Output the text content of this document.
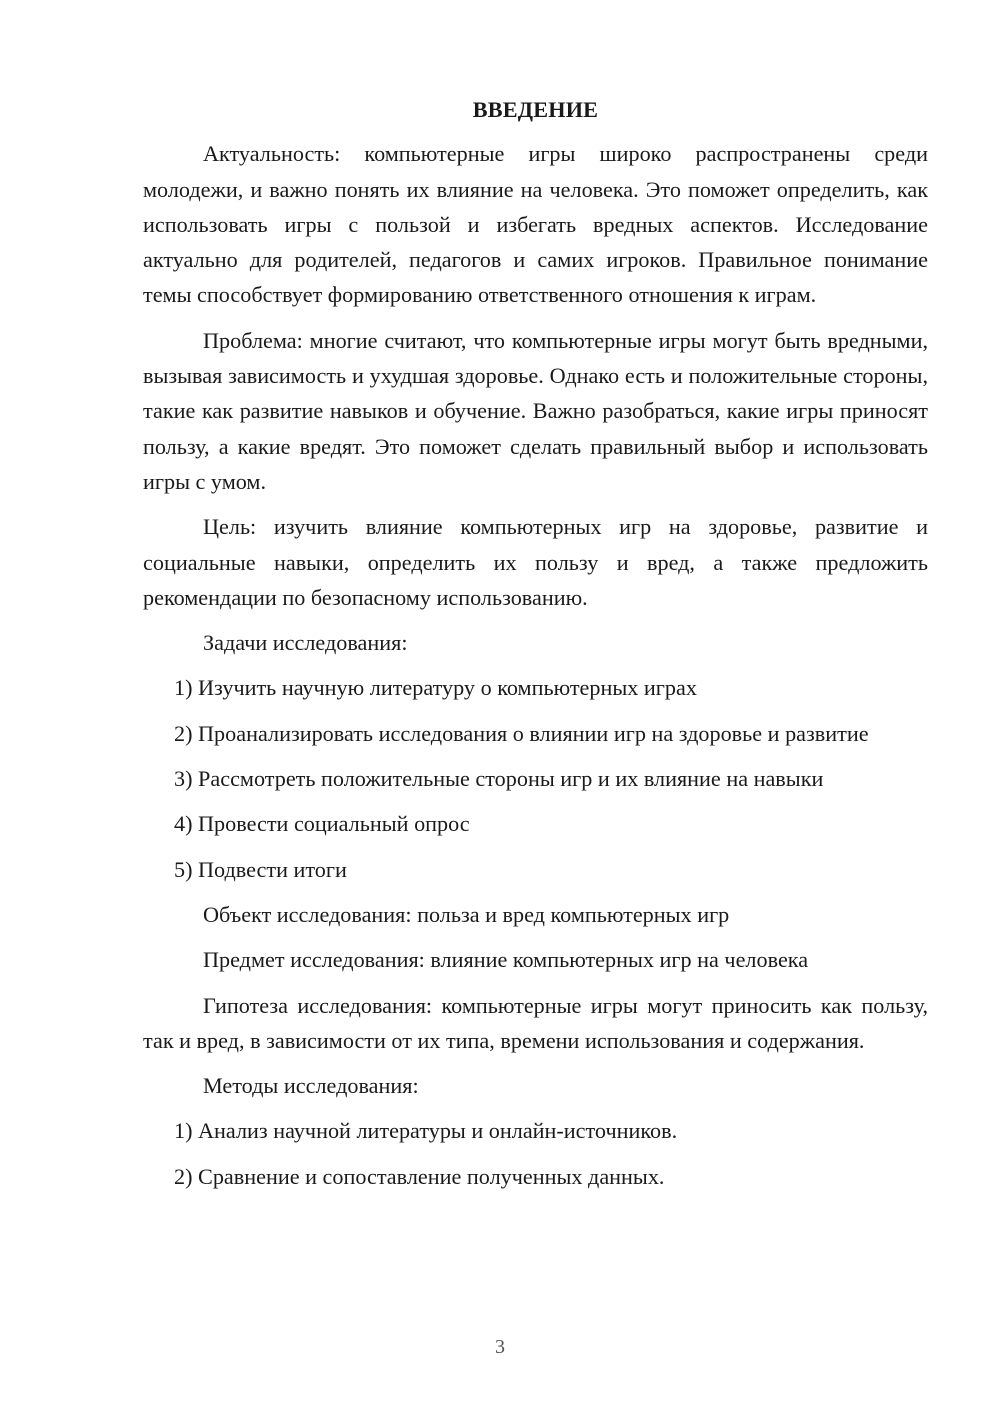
ВВЕДЕНИЕ

Актуальность: компьютерные игры широко распространены среди молодежи, и важно понять их влияние на человека. Это поможет определить, как использовать игры с пользой и избегать вредных аспектов. Исследование актуально для родителей, педагогов и самих игроков. Правильное понимание темы способствует формированию ответственного отношения к играм.

Проблема: многие считают, что компьютерные игры могут быть вредными, вызывая зависимость и ухудшая здоровье. Однако есть и положительные стороны, такие как развитие навыков и обучение. Важно разобраться, какие игры приносят пользу, а какие вредят. Это поможет сделать правильный выбор и использовать игры с умом.

Цель: изучить влияние компьютерных игр на здоровье, развитие и социальные навыки, определить их пользу и вред, а также предложить рекомендации по безопасному использованию.

Задачи исследования:

1) Изучить научную литературу о компьютерных играх

2) Проанализировать исследования о влиянии игр на здоровье и развитие

3) Рассмотреть положительные стороны игр и их влияние на навыки

4) Провести социальный опрос

5) Подвести итоги

Объект исследования: польза и вред компьютерных игр

Предмет исследования: влияние компьютерных игр на человека

Гипотеза исследования: компьютерные игры могут приносить как пользу, так и вред, в зависимости от их типа, времени использования и содержания.

Методы исследования:

1) Анализ научной литературы и онлайн-источников.

2) Сравнение и сопоставление полученных данных.

3
